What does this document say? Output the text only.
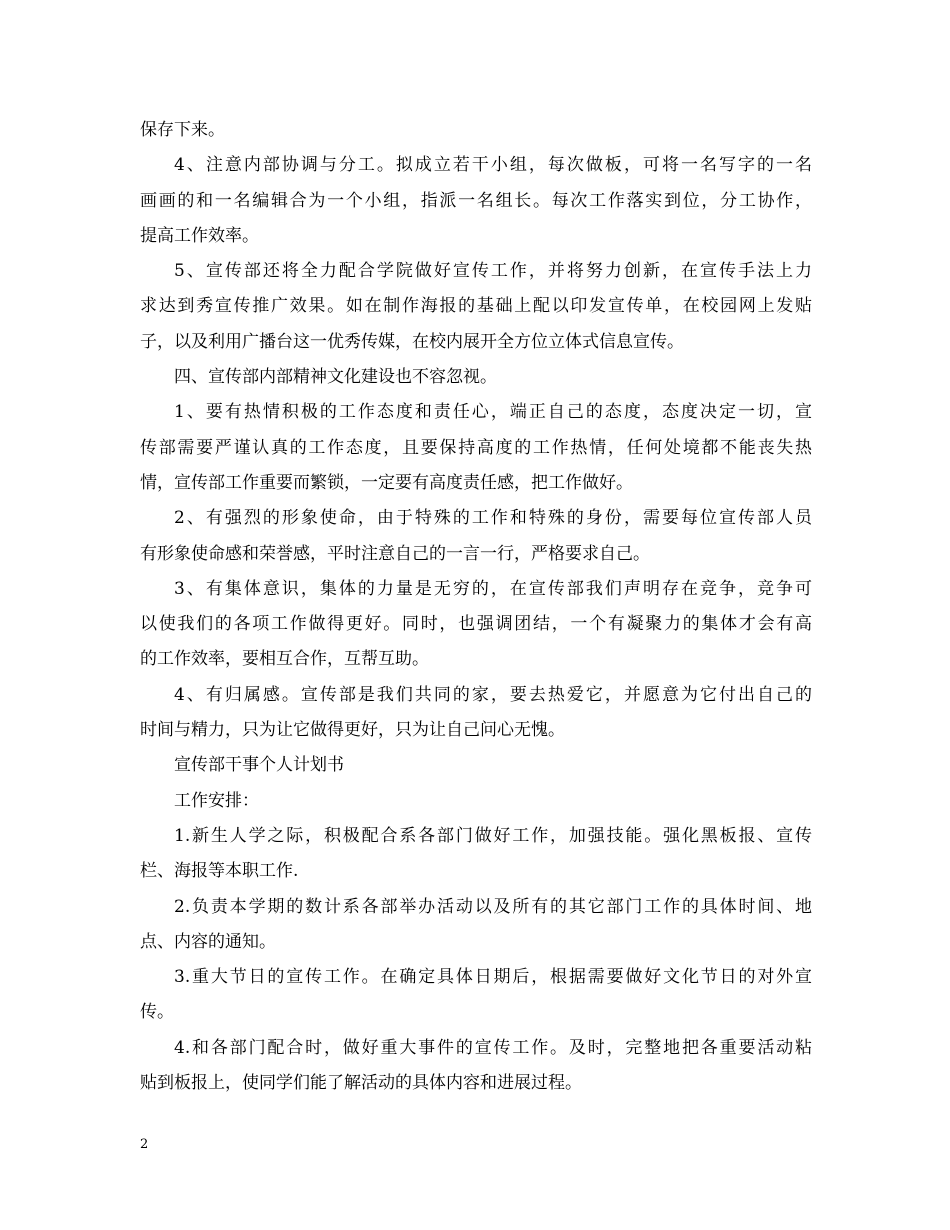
保存下来。
4、注意内部协调与分工。拟成立若干小组，每次做板，可将一名写字的一名
画画的和一名编辑合为一个小组，指派一名组长。每次工作落实到位，分工协作，
提高工作效率。
5、宣传部还将全力配合学院做好宣传工作，并将努力创新，在宣传手法上力
求达到秀宣传推广效果。如在制作海报的基础上配以印发宣传单，在校园网上发贴
子，以及利用广播台这一优秀传媒，在校内展开全方位立体式信息宣传。
四、宣传部内部精神文化建设也不容忽视。
1、要有热情积极的工作态度和责任心，端正自己的态度，态度决定一切，宣
传部需要严谨认真的工作态度，且要保持高度的工作热情，任何处境都不能丧失热
情，宣传部工作重要而繁锁，一定要有高度责任感，把工作做好。
2、有强烈的形象使命，由于特殊的工作和特殊的身份，需要每位宣传部人员
有形象使命感和荣誉感，平时注意自己的一言一行，严格要求自己。
3、有集体意识，集体的力量是无穷的，在宣传部我们声明存在竞争，竞争可
以使我们的各项工作做得更好。同时，也强调团结，一个有凝聚力的集体才会有高
的工作效率，要相互合作，互帮互助。
4、有归属感。宣传部是我们共同的家，要去热爱它，并愿意为它付出自己的
时间与精力，只为让它做得更好，只为让自己问心无愧。
宣传部干事个人计划书
工作安排：
1.新生人学之际，积极配合系各部门做好工作，加强技能。强化黑板报、宣传
栏、海报等本职工作.
2.负责本学期的数计系各部举办活动以及所有的其它部门工作的具体时间、地
点、内容的通知。
3.重大节日的宣传工作。在确定具体日期后，根据需要做好文化节日的对外宣
传。
4.和各部门配合时，做好重大事件的宣传工作。及时，完整地把各重要活动粘
贴到板报上，使同学们能了解活动的具体内容和进展过程。
2
